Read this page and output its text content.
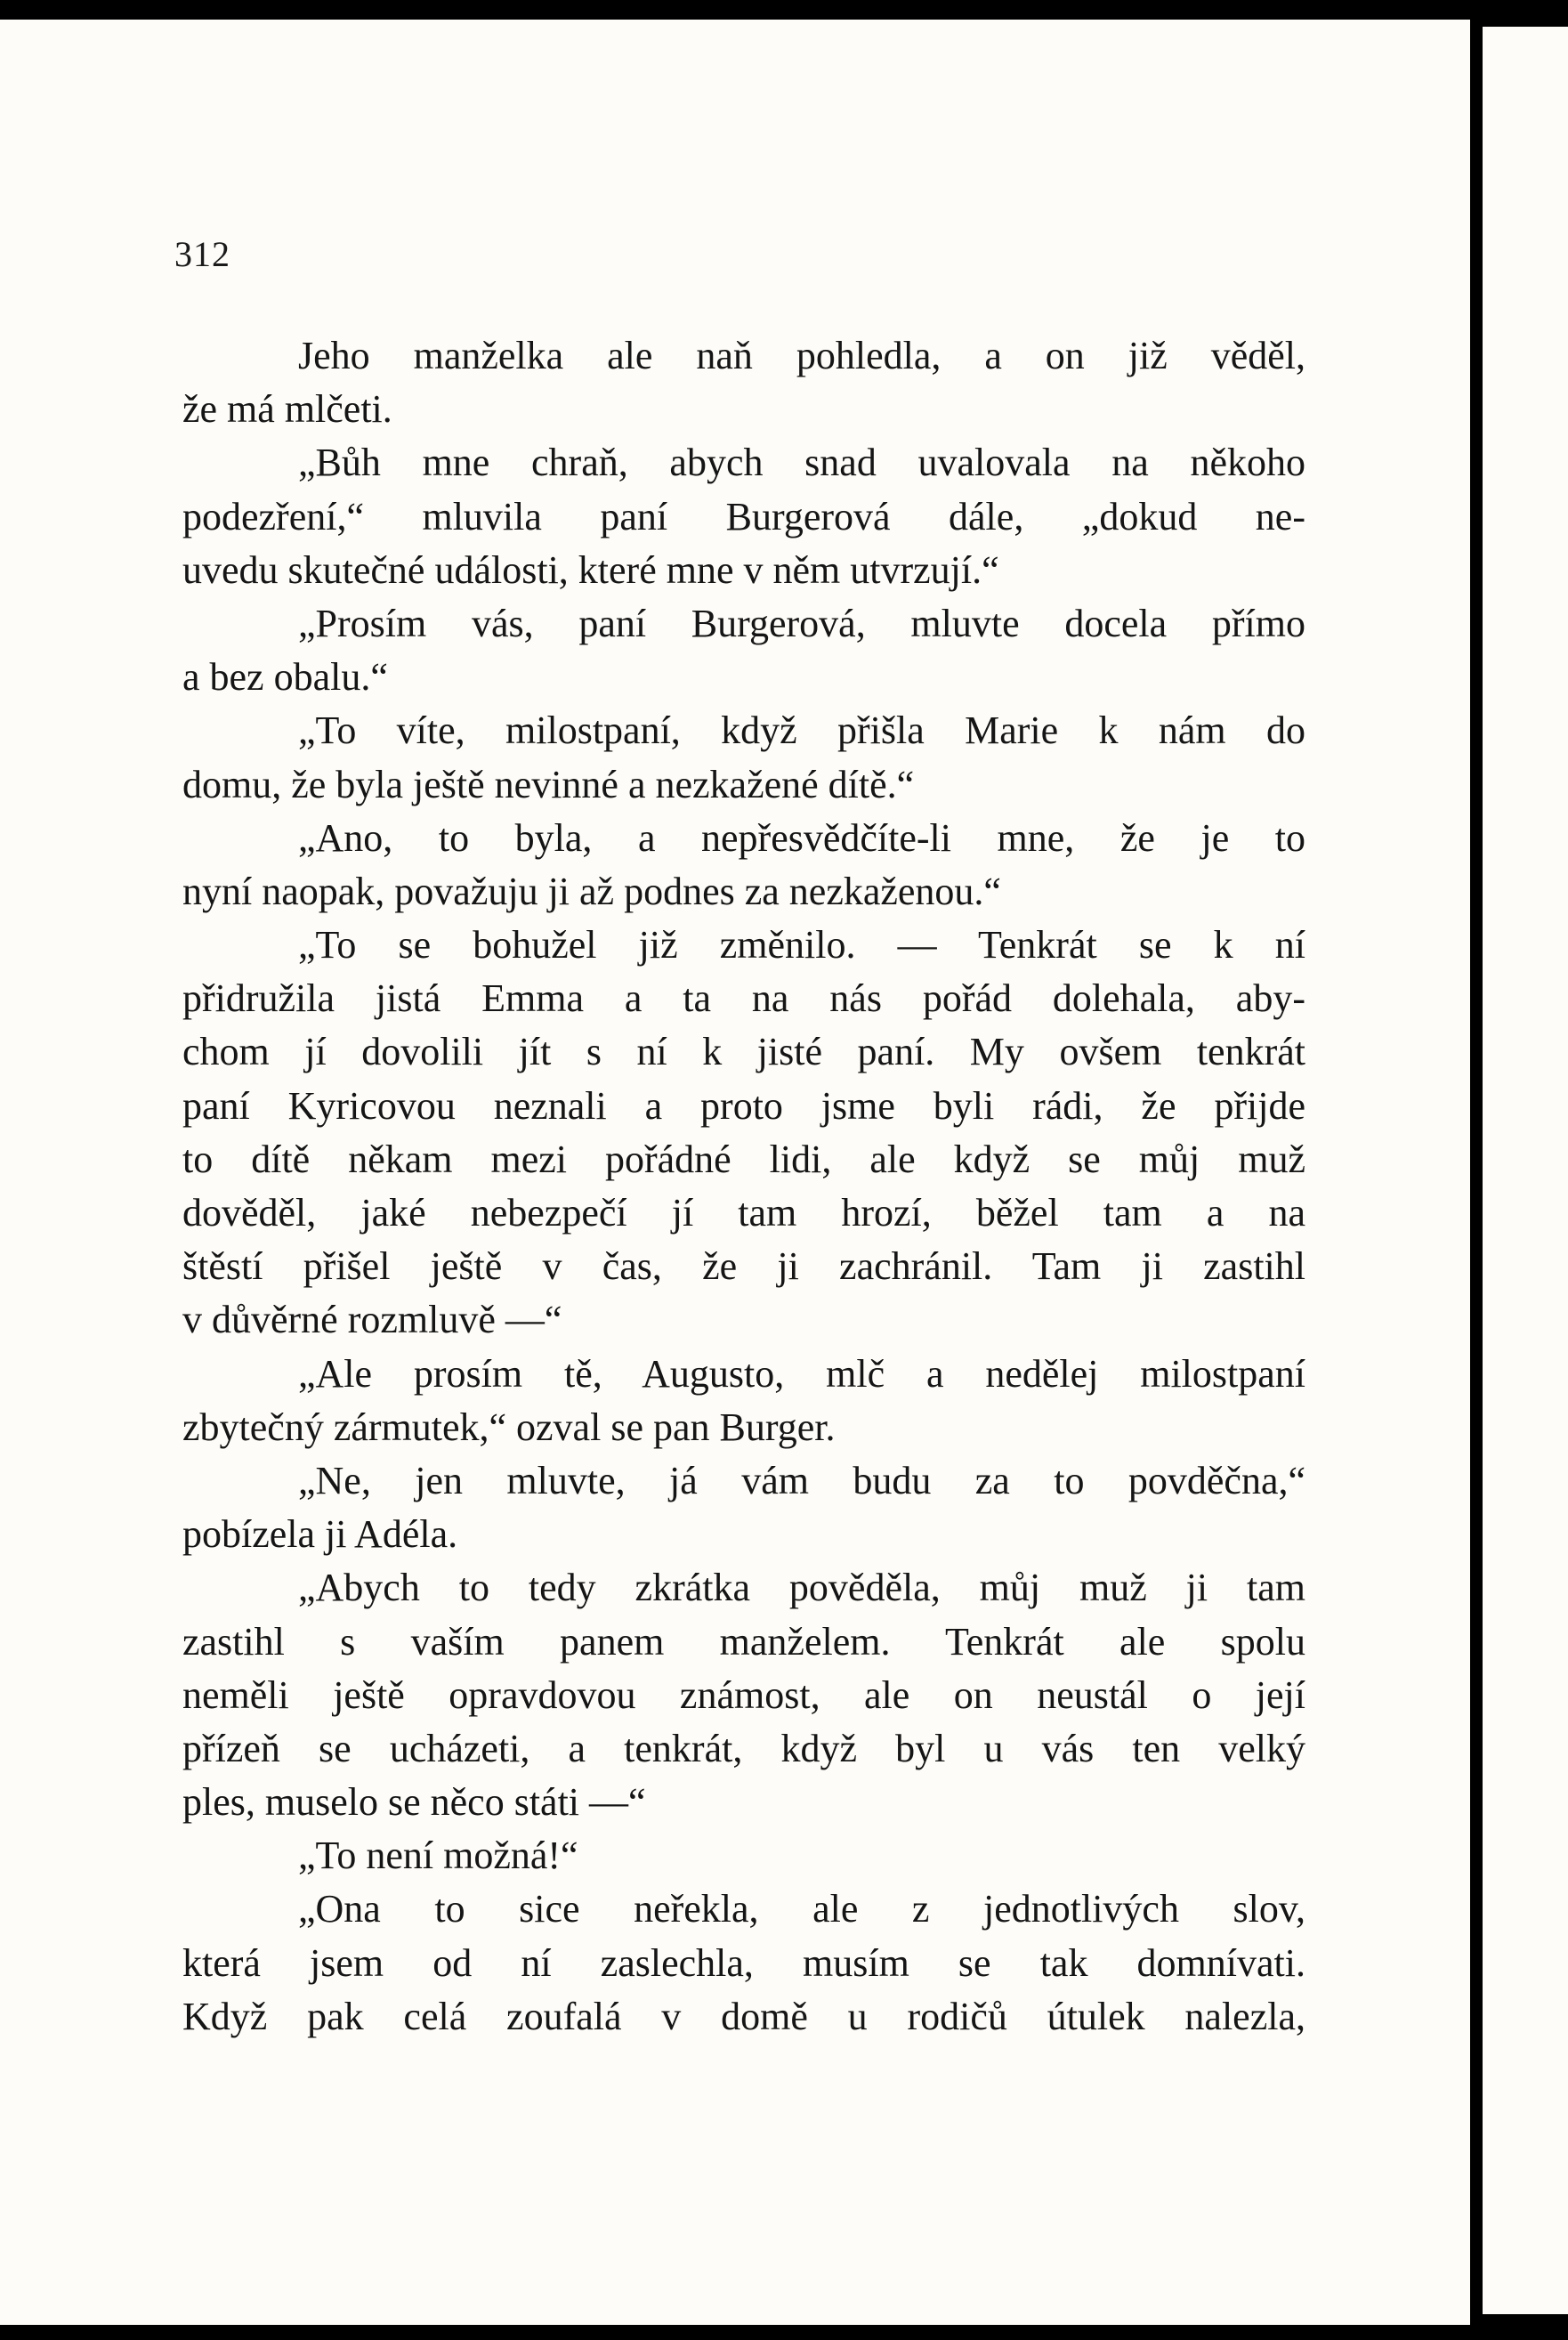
312
Jeho manželka ale naň pohledla, a on již věděl,
že má mlčeti.
„Bůh mne chraň, abych snad uvalovala na někoho
podezření,“ mluvila paní Burgerová dále, „dokud ne-
uvedu skutečné události, které mne v něm utvrzují.“
„Prosím vás, paní Burgerová, mluvte docela přímo
a bez obalu.“
„To víte, milostpaní, když přišla Marie k nám do
domu, že byla ještě nevinné a nezkažené dítě.“
„Ano, to byla, a nepřesvědčíte-li mne, že je to
nyní naopak, považuju ji až podnes za nezkaženou.“
„To se bohužel již změnilo. — Tenkrát se k ní
přidružila jistá Emma a ta na nás pořád dolehala, aby-
chom jí dovolili jít s ní k jisté paní. My ovšem tenkrát
paní Kyricovou neznali a proto jsme byli rádi, že přijde
to dítě někam mezi pořádné lidi, ale když se můj muž
dověděl, jaké nebezpečí jí tam hrozí, běžel tam a na
štěstí přišel ještě v čas, že ji zachránil. Tam ji zastihl
v důvěrné rozmluvě —“
„Ale prosím tě, Augusto, mlč a nedělej milostpaní
zbytečný zármutek,“ ozval se pan Burger.
„Ne, jen mluvte, já vám budu za to povděčna,“
pobízela ji Adéla.
„Abych to tedy zkrátka pověděla, můj muž ji tam
zastihl s vaším panem manželem. Tenkrát ale spolu
neměli ještě opravdovou známost, ale on neustál o její
přízeň se ucházeti, a tenkrát, když byl u vás ten velký
ples, muselo se něco státi —“
„To není možná!“
„Ona to sice neřekla, ale z jednotlivých slov,
která jsem od ní zaslechla, musím se tak domnívati.
Když pak celá zoufalá v domě u rodičů útulek nalezla,
